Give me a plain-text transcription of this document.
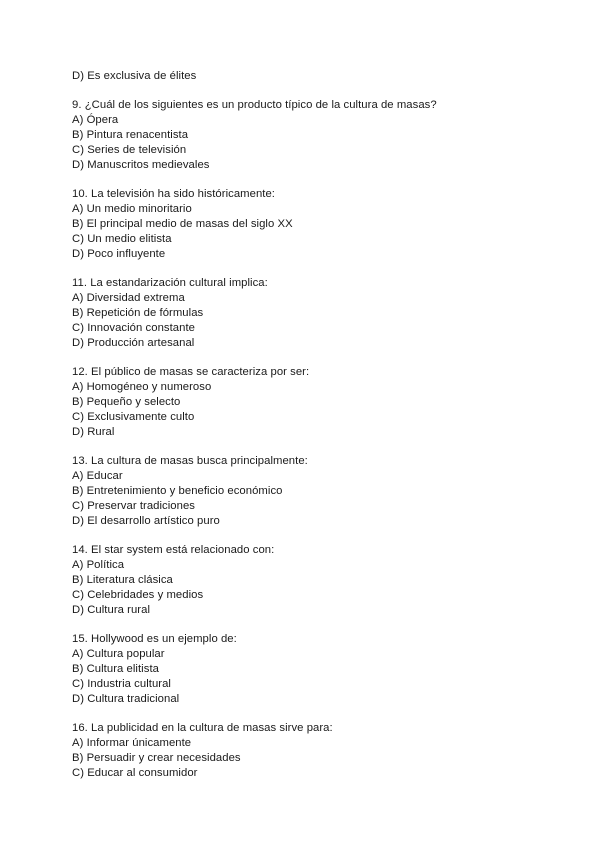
D) Es exclusiva de élites
9. ¿Cuál de los siguientes es un producto típico de la cultura de masas?
A) Ópera
B) Pintura renacentista
C) Series de televisión
D) Manuscritos medievales
10. La televisión ha sido históricamente:
A) Un medio minoritario
B) El principal medio de masas del siglo XX
C) Un medio elitista
D) Poco influyente
11. La estandarización cultural implica:
A) Diversidad extrema
B) Repetición de fórmulas
C) Innovación constante
D) Producción artesanal
12. El público de masas se caracteriza por ser:
A) Homogéneo y numeroso
B) Pequeño y selecto
C) Exclusivamente culto
D) Rural
13. La cultura de masas busca principalmente:
A) Educar
B) Entretenimiento y beneficio económico
C) Preservar tradiciones
D) El desarrollo artístico puro
14. El star system está relacionado con:
A) Política
B) Literatura clásica
C) Celebridades y medios
D) Cultura rural
15. Hollywood es un ejemplo de:
A) Cultura popular
B) Cultura elitista
C) Industria cultural
D) Cultura tradicional
16. La publicidad en la cultura de masas sirve para:
A) Informar únicamente
B) Persuadir y crear necesidades
C) Educar al consumidor
